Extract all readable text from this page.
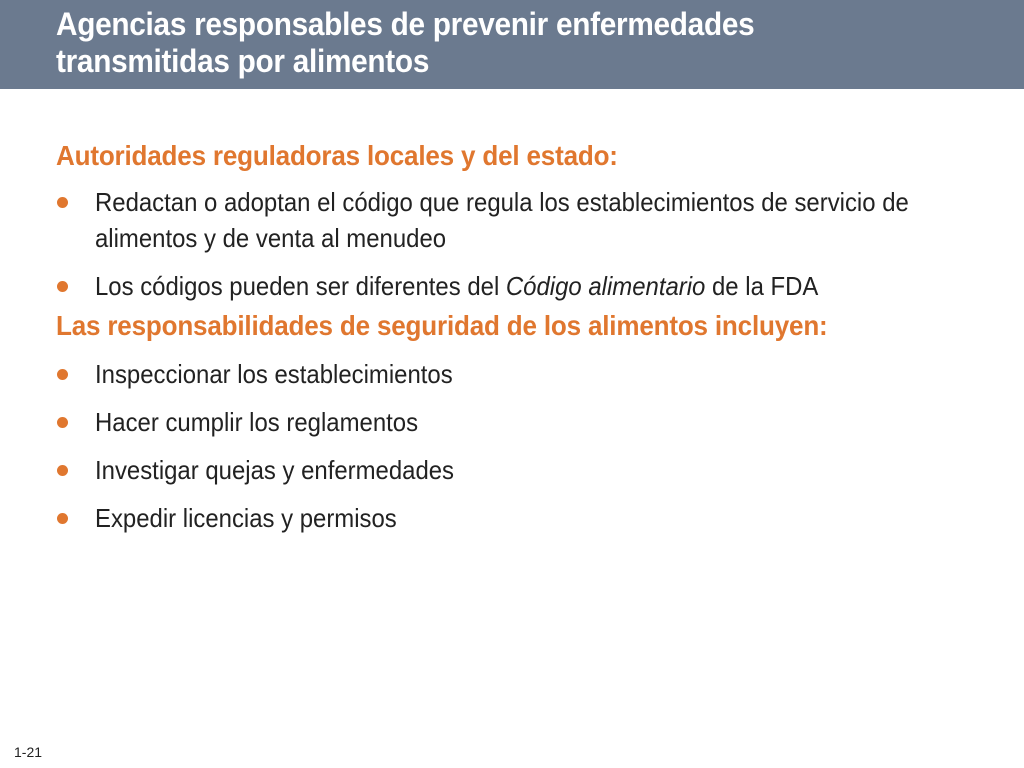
Agencias responsables de prevenir enfermedades transmitidas por alimentos
Autoridades reguladoras locales y del estado:
Redactan o adoptan el código que regula los establecimientos de servicio de alimentos y de venta al menudeo
Los códigos pueden ser diferentes del Código alimentario de la FDA
Las responsabilidades de seguridad de los alimentos incluyen:
Inspeccionar los establecimientos
Hacer cumplir los reglamentos
Investigar quejas y enfermedades
Expedir licencias y permisos
1-21
